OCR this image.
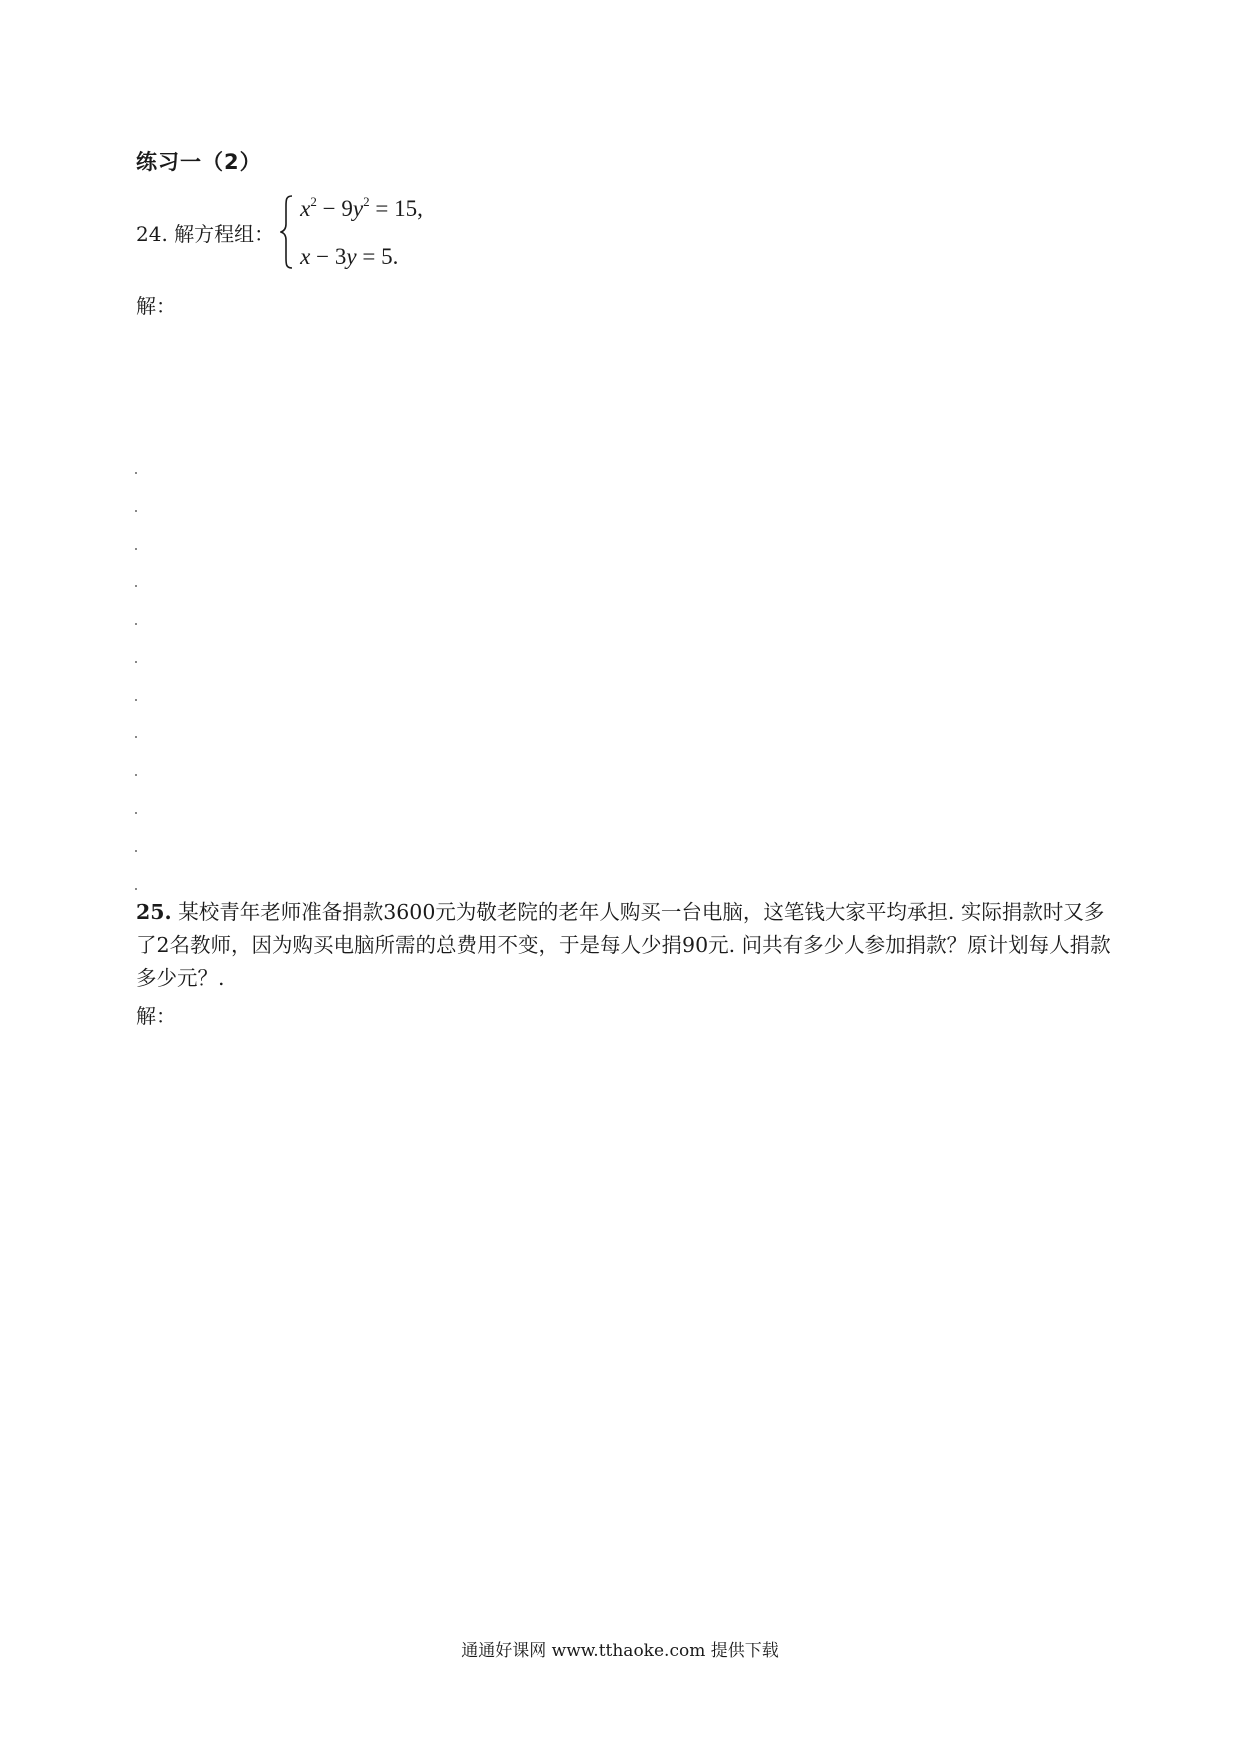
练习一（2）
24. 解方程组：
$x^2 - 9y^2 = 15$,
x − 3y = 5.
解：
25. 某校青年老师准备捐款3600元为敬老院的老年人购买一台电脑，这笔钱大家平均承担. 实际捐款时又多了2名教师，因为购买电脑所需的总费用不变，于是每人少捐90元. 问共有多少人参加捐款？原计划每人捐款多少元？.
解：
通通好课网 www.tthaoke.com 提供下载
